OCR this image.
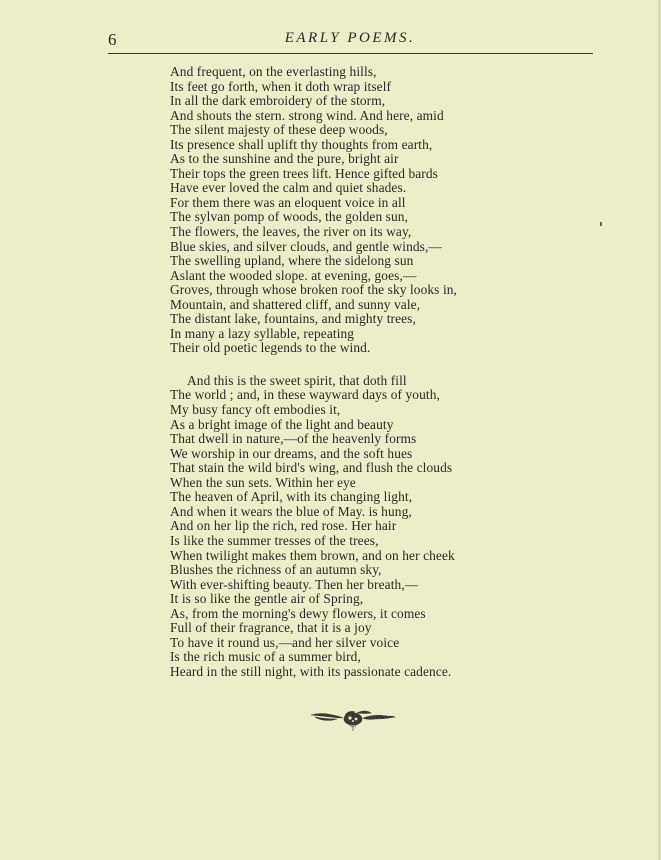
6	EARLY POEMS.
And frequent, on the everlasting hills,
Its feet go forth, when it doth wrap itself
In all the dark embroidery of the storm,
And shouts the stern. strong wind. And here, amid
The silent majesty of these deep woods,
Its presence shall uplift thy thoughts from earth,
As to the sunshine and the pure, bright air
Their tops the green trees lift. Hence gifted bards
Have ever loved the calm and quiet shades.
For them there was an eloquent voice in all
The sylvan pomp of woods, the golden sun,
The flowers, the leaves, the river on its way,
Blue skies, and silver clouds, and gentle winds,—
The swelling upland, where the sidelong sun
Aslant the wooded slope. at evening, goes,—
Groves, through whose broken roof the sky looks in,
Mountain, and shattered cliff, and sunny vale,
The distant lake, fountains, and mighty trees,
In many a lazy syllable, repeating
Their old poetic legends to the wind.
And this is the sweet spirit, that doth fill
The world ; and, in these wayward days of youth,
My busy fancy oft embodies it,
As a bright image of the light and beauty
That dwell in nature,—of the heavenly forms
We worship in our dreams, and the soft hues
That stain the wild bird's wing, and flush the clouds
When the sun sets. Within her eye
The heaven of April, with its changing light,
And when it wears the blue of May. is hung,
And on her lip the rich, red rose. Her hair
Is like the summer tresses of the trees,
When twilight makes them brown, and on her cheek
Blushes the richness of an autumn sky,
With ever-shifting beauty. Then her breath,—
It is so like the gentle air of Spring,
As, from the morning's dewy flowers, it comes
Full of their fragrance, that it is a joy
To have it round us,—and her silver voice
Is the rich music of a summer bird,
Heard in the still night, with its passionate cadence.
